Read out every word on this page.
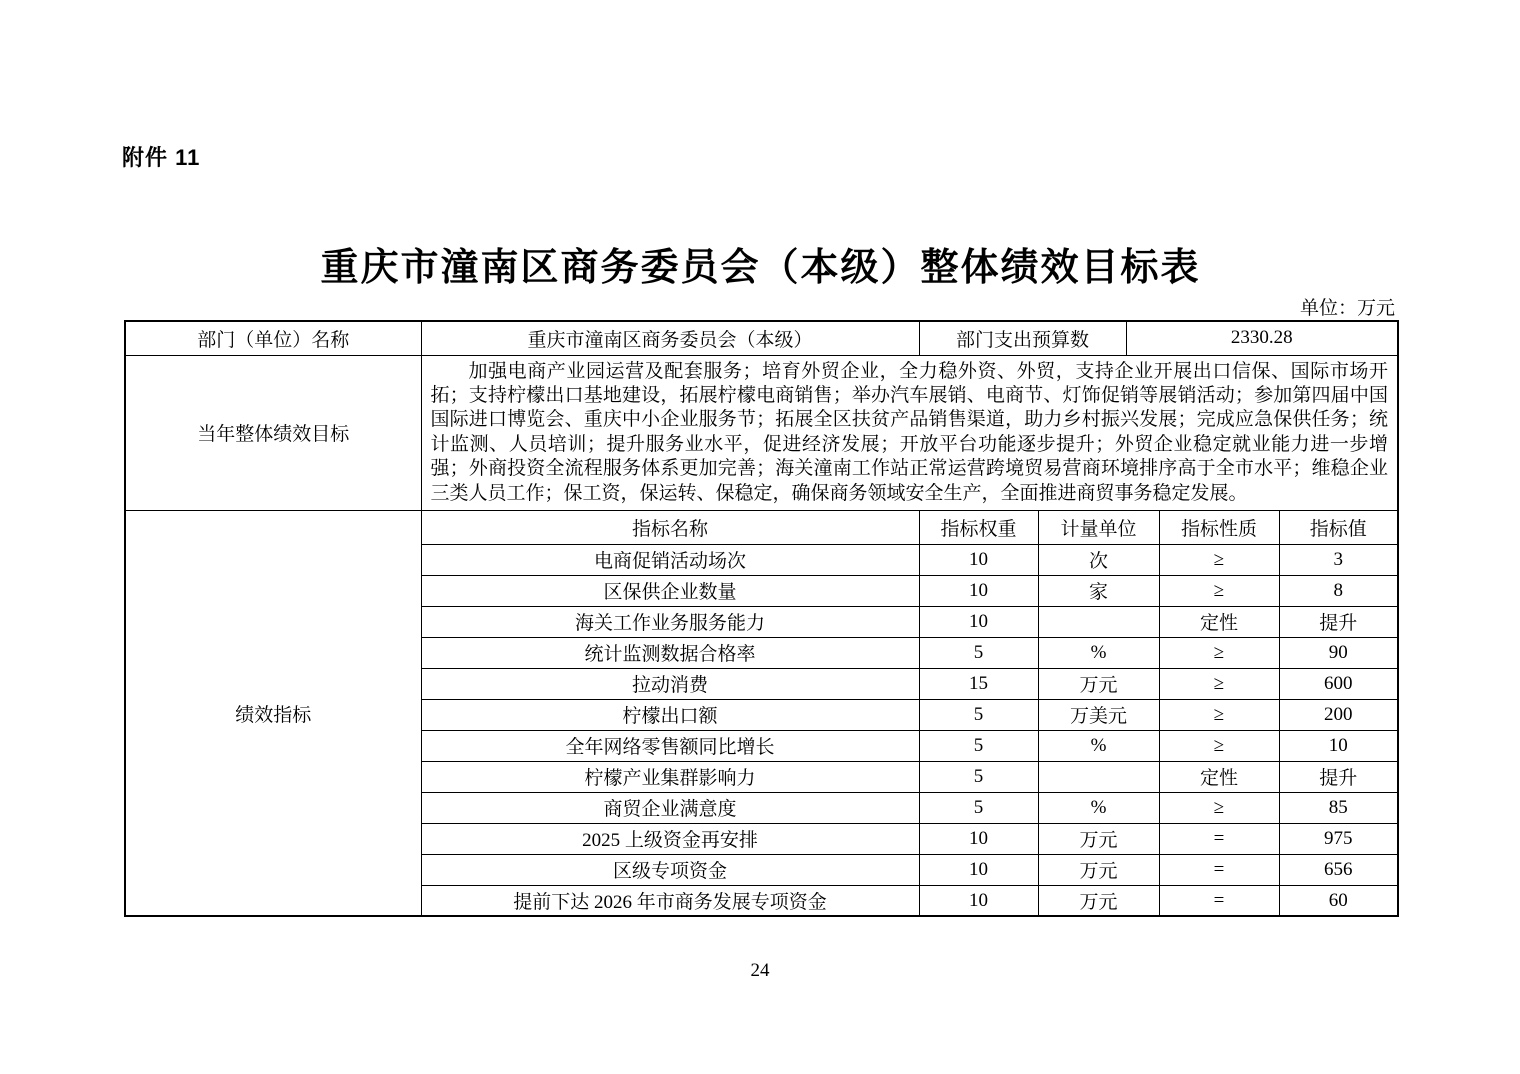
附件 11
重庆市潼南区商务委员会（本级）整体绩效目标表
单位：万元
部门（单位）名称	重庆市潼南区商务委员会（本级）	部门支出预算数		2330.28		
当年整体绩效目标	加强电商产业园运营及配套服务；培育外贸企业，全力稳外资、外贸，支持企业开展出口信保、国际市场开拓；支持柠檬出口基地建设，拓展柠檬电商销售；举办汽车展销、电商节、灯饰促销等展销活动；参加第四届中国国际进口博览会、重庆中小企业服务节；拓展全区扶贫产品销售渠道，助力乡村振兴发展；完成应急保供任务；统计监测、人员培训；提升服务业水平，促进经济发展；开放平台功能逐步提升；外贸企业稳定就业能力进一步增强；外商投资全流程服务体系更加完善；海关潼南工作站正常运营跨境贸易营商环境排序高于全市水平；维稳企业三类人员工作；保工资，保运转、保稳定，确保商务领域安全生产，全面推进商贸事务稳定发展。					

绩效指标	指标名称	指标权重	计量单位		指标性质	指标值
	电商促销活动场次	10	次		≥	3
	区保供企业数量	10	家		≥	8
	海关工作业务服务能力	10			定性	提升
	统计监测数据合格率	5	%		≥	90
	拉动消费	15	万元		≥	600
	柠檬出口额	5	万美元		≥	200
	全年网络零售额同比增长	5	%		≥	10
	柠檬产业集群影响力	5			定性	提升
	商贸企业满意度	5	%		≥	85
	2025 上级资金再安排	10	万元		=	975
	区级专项资金	10	万元		=	656
	提前下达 2026 年市商务发展专项资金	10	万元		=	60
24
